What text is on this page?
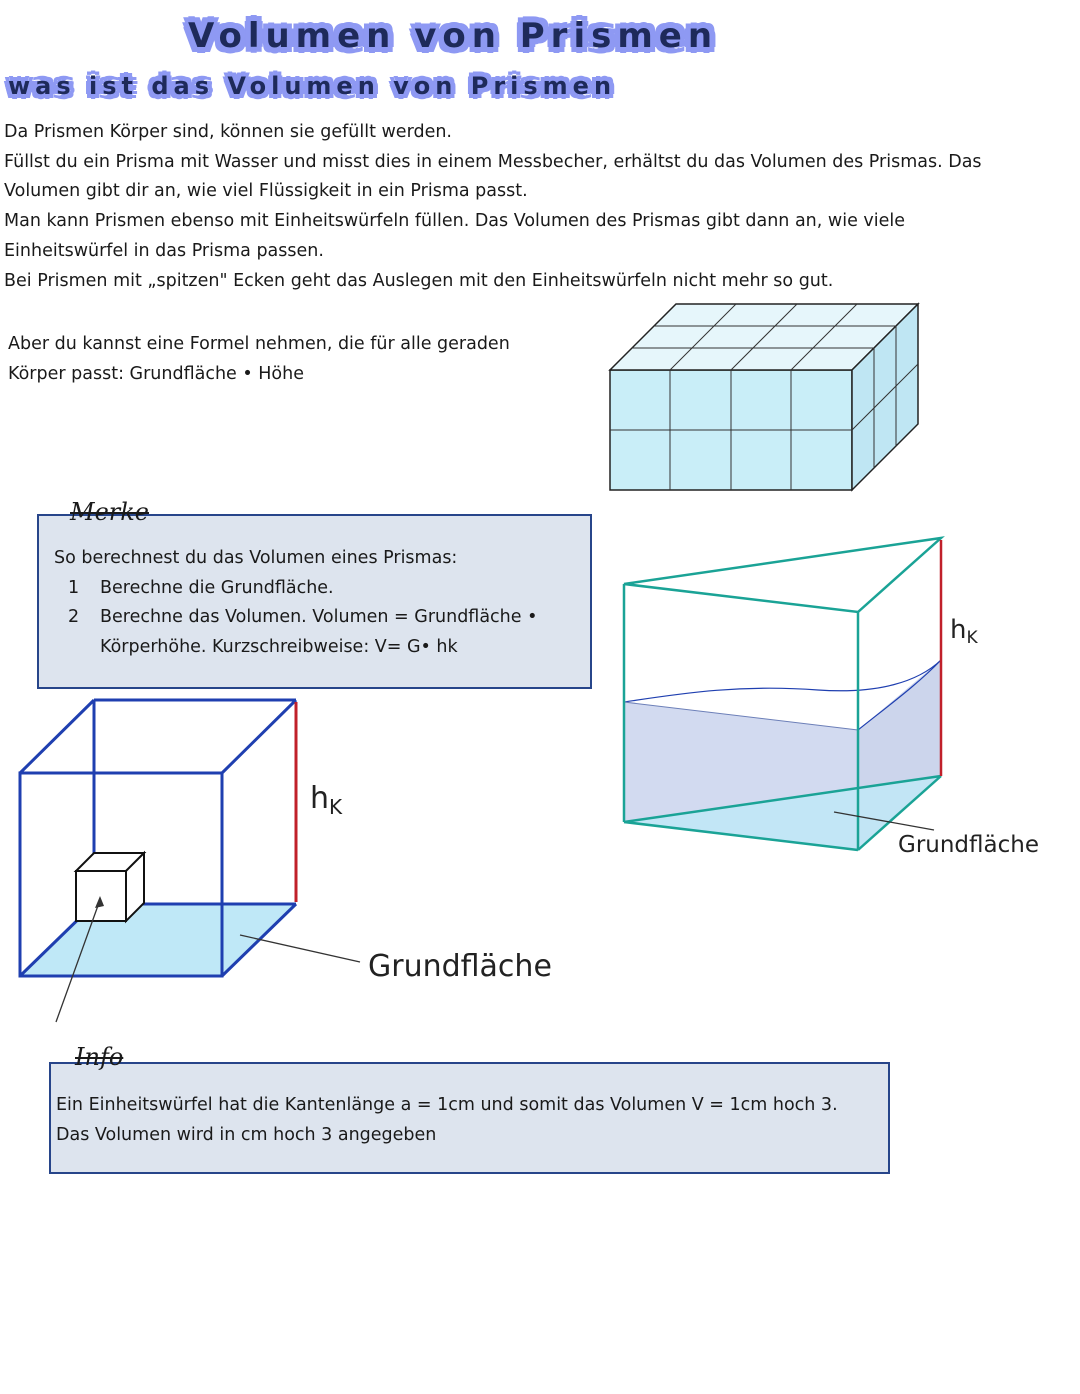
Volumen von Prismen
was ist das Volumen von Prismen

Da Prismen Körper sind, können sie gefüllt werden.

Füllst du ein Prisma mit Wasser und misst dies in einem Messbecher, erhältst du das Volumen des Prismas. Das

Volumen gibt dir an, wie viel Flüssigkeit in ein Prisma passt.

Man kann Prismen ebenso mit Einheitswürfeln füllen. Das Volumen des Prismas gibt dann an, wie viele

Einheitswürfel in das Prisma passen.

Bei Prismen mit „spitzen" Ecken geht das Auslegen mit den Einheitswürfeln nicht mehr so gut.

Aber du kannst eine Formel nehmen, die für alle geraden

Körper passt: Grundfläche • Höhe

Merke

So berechnest du das Volumen eines Prismas:

1	Berechne die Grundfläche.
2	Berechne das Volumen. Volumen = Grundfläche •

Körperhöhe. Kurzschreibweise: V= G• hk

$h_K$
Grundfläche
hK
Grundfläche
Info

Ein Einheitswürfel hat die Kantenlänge a = 1cm und somit das Volumen V = 1cm hoch 3.

Das Volumen wird in cm hoch 3 angegeben
